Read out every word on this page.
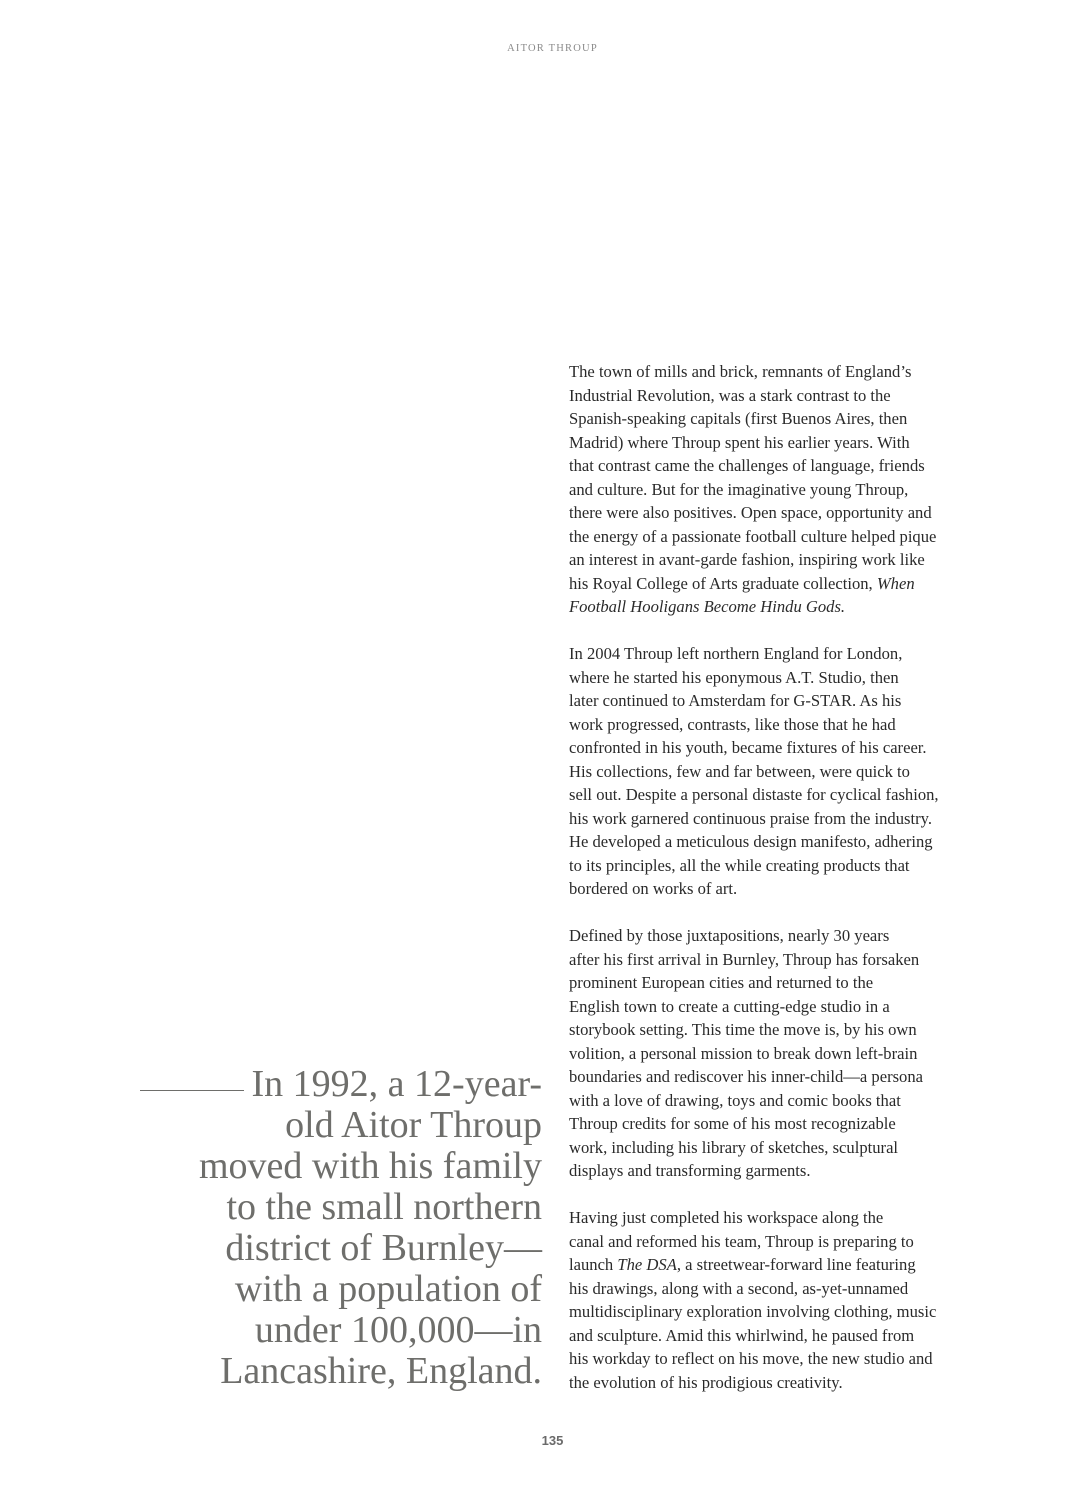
AITOR THROUP
In 1992, a 12-year-
old Aitor Throup
moved with his family
to the small northern
district of Burnley—
with a population of
under 100,000—in
Lancashire, England.

The town of mills and brick, remnants of England’s
Industrial Revolution, was a stark contrast to the
Spanish-speaking capitals (first Buenos Aires, then
Madrid) where Throup spent his earlier years. With
that contrast came the challenges of language, friends
and culture. But for the imaginative young Throup,
there were also positives. Open space, opportunity and
the energy of a passionate football culture helped pique
an interest in avant-garde fashion, inspiring work like
his Royal College of Arts graduate collection, When
Football Hooligans Become Hindu Gods.

In 2004 Throup left northern England for London,
where he started his eponymous A.T. Studio, then
later continued to Amsterdam for G-STAR. As his
work progressed, contrasts, like those that he had
confronted in his youth, became fixtures of his career.
His collections, few and far between, were quick to
sell out. Despite a personal distaste for cyclical fashion,
his work garnered continuous praise from the industry.
He developed a meticulous design manifesto, adhering
to its principles, all the while creating products that
bordered on works of art.

Defined by those juxtapositions, nearly 30 years
after his first arrival in Burnley, Throup has forsaken
prominent European cities and returned to the
English town to create a cutting-edge studio in a
storybook setting. This time the move is, by his own
volition, a personal mission to break down left-brain
boundaries and rediscover his inner-child—a persona
with a love of drawing, toys and comic books that
Throup credits for some of his most recognizable
work, including his library of sketches, sculptural
displays and transforming garments.

Having just completed his workspace along the
canal and reformed his team, Throup is preparing to
launch The DSA, a streetwear-forward line featuring
his drawings, along with a second, as-yet-unnamed
multidisciplinary exploration involving clothing, music
and sculpture. Amid this whirlwind, he paused from
his workday to reflect on his move, the new studio and
the evolution of his prodigious creativity.

135
